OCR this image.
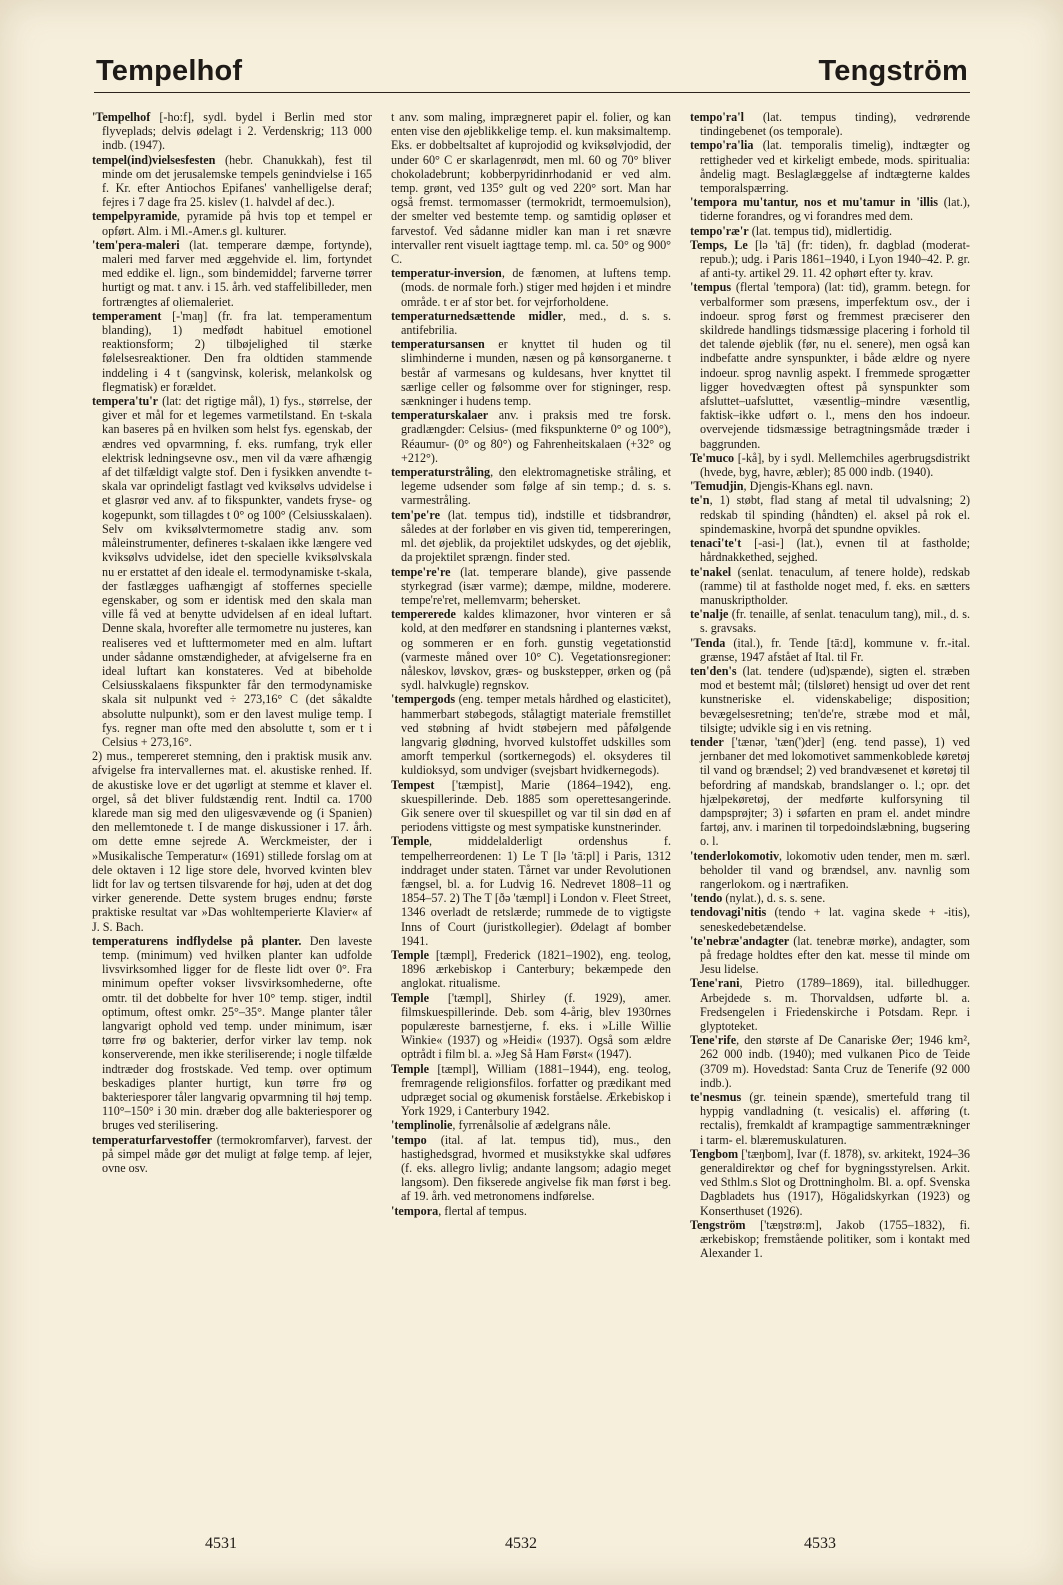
Tempelhof	Tengström

'Tempelhof [-ho:f], sydl. bydel i Berlin med stor flyveplads; delvis ødelagt i 2. Verdenskrig; 113 000 indb. (1947).

tempel(ind)vielsesfesten (hebr. Chanukkah), fest til minde om det jerusalemske tempels genindvielse i 165 f. Kr. efter Antiochos Epifanes' vanhelligelse deraf; fejres i 7 dage fra 25. kislev (1. halvdel af dec.).

tempelpyramide, pyramide på hvis top et tempel er opført. Alm. i Ml.-Amer.s gl. kulturer.

'tem'pera-maleri (lat. temperare dæmpe, fortynde), maleri med farver med æggehvide el. lim, fortyndet med eddike el. lign., som bindemiddel; farverne tørrer hurtigt og mat. t anv. i 15. årh. ved staffelibilleder, men fortrængtes af oliemaleriet.

temperament [-'maŋ] (fr. fra lat. temperamentum blanding), 1) medfødt habituel emotionel reaktionsform; 2) tilbøjelighed til stærke følelsesreaktioner. Den fra oldtiden stammende inddeling i 4 t (sangvinsk, kolerisk, melankolsk og flegmatisk) er forældet.

tempera'tu'r (lat: det rigtige mål), 1) fys., størrelse, der giver et mål for et legemes varmetilstand. En t-skala kan baseres på en hvilken som helst fys. egenskab, der ændres ved opvarmning, f. eks. rumfang, tryk eller elektrisk ledningsevne osv., men vil da være afhængig af det tilfældigt valgte stof. Den i fysikken anvendte t-skala var oprindeligt fastlagt ved kviksølvs udvidelse i et glasrør ved anv. af to fikspunkter, vandets fryse- og kogepunkt, som tillagdes t 0° og 100° (Celsiusskalaen). Selv om kviksølvtermometre stadig anv. som måleinstrumenter, defineres t-skalaen ikke længere ved kviksølvs udvidelse, idet den specielle kviksølvskala nu er erstattet af den ideale el. termodynamiske t-skala, der fastlægges uafhængigt af stoffernes specielle egenskaber, og som er identisk med den skala man ville få ved at benytte udvidelsen af en ideal luftart. Denne skala, hvorefter alle termometre nu justeres, kan realiseres ved et lufttermometer med en alm. luftart under sådanne omstændigheder, at afvigelserne fra en ideal luftart kan konstateres. Ved at bibeholde Celsiusskalaens fikspunkter får den termodynamiske skala sit nulpunkt ved ÷ 273,16° C (det såkaldte absolutte nulpunkt), som er den lavest mulige temp. I fys. regner man ofte med den absolutte t, som er t i Celsius + 273,16°.

2) mus., tempereret stemning, den i praktisk musik anv. afvigelse fra intervallernes mat. el. akustiske renhed. If. de akustiske love er det ugørligt at stemme et klaver el. orgel, så det bliver fuldstændig rent. Indtil ca. 1700 klarede man sig med den uligesvævende og (i Spanien) den mellemtonede t. I de mange diskussioner i 17. årh. om dette emne sejrede A. Werckmeister, der i »Musikalische Temperatur« (1691) stillede forslag om at dele oktaven i 12 lige store dele, hvorved kvinten blev lidt for lav og tertsen tilsvarende for høj, uden at det dog virker generende. Dette system bruges endnu; første praktiske resultat var »Das wohltemperierte Klavier« af J. S. Bach.

temperaturens indflydelse på planter. Den laveste temp. (minimum) ved hvilken planter kan udfolde livsvirksomhed ligger for de fleste lidt over 0°. Fra minimum opefter vokser livsvirksomhederne, ofte omtr. til det dobbelte for hver 10° temp. stiger, indtil optimum, oftest omkr. 25°–35°. Mange planter tåler langvarigt ophold ved temp. under minimum, især tørre frø og bakterier, derfor virker lav temp. nok konserverende, men ikke steriliserende; i nogle tilfælde indtræder dog frostskade. Ved temp. over optimum beskadiges planter hurtigt, kun tørre frø og bakteriesporer tåler langvarig opvarmning til høj temp. 110°–150° i 30 min. dræber dog alle bakteriesporer og bruges ved sterilisering.

temperaturfarvestoffer (termokromfarver), farvest. der på simpel måde gør det muligt at følge temp. af lejer, ovne osv.

t anv. som maling, imprægneret papir el. folier, og kan enten vise den øjeblikkelige temp. el. kun maksimaltemp. Eks. er dobbeltsaltet af kuprojodid og kviksølvjodid, der under 60° C er skarlagenrødt, men ml. 60 og 70° bliver chokoladebrunt; kobberpyridinrhodanid er ved alm. temp. grønt, ved 135° gult og ved 220° sort. Man har også fremst. termomasser (termokridt, termoemulsion), der smelter ved bestemte temp. og samtidig opløser et farvestof. Ved sådanne midler kan man i ret snævre intervaller rent visuelt iagttage temp. ml. ca. 50° og 900° C.

temperatur-inversion, de fænomen, at luftens temp. (mods. de normale forh.) stiger med højden i et mindre område. t er af stor bet. for vejrforholdene.

temperaturnedsættende midler, med., d. s. s. antifebrilia.

temperatursansen er knyttet til huden og til slimhinderne i munden, næsen og på kønsorganerne. t består af varmesans og kuldesans, hver knyttet til særlige celler og følsomme over for stigninger, resp. sænkninger i hudens temp.

temperaturskalaer anv. i praksis med tre forsk. gradlængder: Celsius- (med fikspunkterne 0° og 100°), Réaumur- (0° og 80°) og Fahrenheitskalaen (+32° og +212°).

temperaturstråling, den elektromagnetiske stråling, et legeme udsender som følge af sin temp.; d. s. s. varmestråling.

tem'pe're (lat. tempus tid), indstille et tidsbrandrør, således at der forløber en vis given tid, tempereringen, ml. det øjeblik, da projektilet udskydes, og det øjeblik, da projektilet sprængn. finder sted.

tempe're're (lat. temperare blande), give passende styrkegrad (især varme); dæmpe, mildne, moderere. tempe're'ret, mellemvarm; behersket.

tempererede kaldes klimazoner, hvor vinteren er så kold, at den medfører en standsning i planternes vækst, og sommeren er en forh. gunstig vegetationstid (varmeste måned over 10° C). Vegetationsregioner: nåleskov, løvskov, græs- og buskstepper, ørken og (på sydl. halvkugle) regnskov.

'tempergods (eng. temper metals hårdhed og elasticitet), hammerbart støbegods, stålagtigt materiale fremstillet ved støbning af hvidt støbejern med påfølgende langvarig glødning, hvorved kulstoffet udskilles som amorft temperkul (sortkernegods) el. oksyderes til kuldioksyd, som undviger (svejsbart hvidkernegods).

Tempest ['tæmpist], Marie (1864–1942), eng. skuespillerinde. Deb. 1885 som operettesangerinde. Gik senere over til skuespillet og var til sin død en af periodens vittigste og mest sympatiske kunstnerinder.

Temple, middelalderligt ordenshus f. tempelherreordenen: 1) Le T [lə 'tā:pl] i Paris, 1312 inddraget under staten. Tårnet var under Revolutionen fængsel, bl. a. for Ludvig 16. Nedrevet 1808–11 og 1854–57. 2) The T [ðə 'tæmpl] i London v. Fleet Street, 1346 overladt de retslærde; rummede de to vigtigste Inns of Court (juristkollegier). Ødelagt af bomber 1941.

Temple [tæmpl], Frederick (1821–1902), eng. teolog, 1896 ærkebiskop i Canterbury; bekæmpede den anglokat. ritualisme.

Temple ['tæmpl], Shirley (f. 1929), amer. filmskuespillerinde. Deb. som 4-årig, blev 1930rnes populæreste barnestjerne, f. eks. i »Lille Willie Winkie« (1937) og »Heidi« (1937). Også som ældre optrådt i film bl. a. »Jeg Så Ham Først« (1947).

Temple [tæmpl], William (1881–1944), eng. teolog, fremragende religionsfilos. forfatter og prædikant med udpræget social og økumenisk forståelse. Ærkebiskop i York 1929, i Canterbury 1942.

'templinolie, fyrrenålsolie af ædelgrans nåle.

'tempo (ital. af lat. tempus tid), mus., den hastighedsgrad, hvormed et musikstykke skal udføres (f. eks. allegro livlig; andante langsom; adagio meget langsom). Den fikserede angivelse fik man først i beg. af 19. årh. ved metronomens indførelse.

'tempora, flertal af tempus.

tempo'ra'l (lat. tempus tinding), vedrørende tindingebenet (os temporale).

tempo'ra'lia (lat. temporalis timelig), indtægter og rettigheder ved et kirkeligt embede, mods. spiritualia: åndelig magt. Beslaglæggelse af indtægterne kaldes temporalspærring.

'tempora mu'tantur, nos et mu'tamur in 'illis (lat.), tiderne forandres, og vi forandres med dem.

tempo'ræ'r (lat. tempus tid), midlertidig.

Temps, Le [lə 'tā] (fr: tiden), fr. dagblad (moderat-repub.); udg. i Paris 1861–1940, i Lyon 1940–42. P. gr. af anti-ty. artikel 29. 11. 42 ophørt efter ty. krav.

'tempus (flertal 'tempora) (lat: tid), gramm. betegn. for verbalformer som præsens, imperfektum osv., der i indoeur. sprog først og fremmest præciserer den skildrede handlings tidsmæssige placering i forhold til det talende øjeblik (før, nu el. senere), men også kan indbefatte andre synspunkter, i både ældre og nyere indoeur. sprog navnlig aspekt. I fremmede sprogætter ligger hovedvægten oftest på synspunkter som afsluttet–uafsluttet, væsentlig–mindre væsentlig, faktisk–ikke udført o. l., mens den hos indoeur. overvejende tidsmæssige betragtningsmåde træder i baggrunden.

Te'muco [-kå], by i sydl. Mellemchiles agerbrugsdistrikt (hvede, byg, havre, æbler); 85 000 indb. (1940).

'Temudjin, Djengis-Khans egl. navn.

te'n, 1) støbt, flad stang af metal til udvalsning; 2) redskab til spinding (håndten) el. aksel på rok el. spindemaskine, hvorpå det spundne opvikles.

tenaci'te't [-asi-] (lat.), evnen til at fastholde; hårdnakkethed, sejghed.

te'nakel (senlat. tenaculum, af tenere holde), redskab (ramme) til at fastholde noget med, f. eks. en sætters manuskriptholder.

te'nalje (fr. tenaille, af senlat. tenaculum tang), mil., d. s. s. gravsaks.

'Tenda (ital.), fr. Tende [tā:d], kommune v. fr.-ital. grænse, 1947 afstået af Ital. til Fr.

ten'den's (lat. tendere (ud)spænde), sigten el. stræben mod et bestemt mål; (tilsløret) hensigt ud over det rent kunstneriske el. videnskabelige; disposition; bevægelsesretning; ten'de're, stræbe mod et mål, tilsigte; udvikle sig i en vis retning.

tender ['tænər, 'tæn(')der] (eng. tend passe), 1) ved jernbaner det med lokomotivet sammenkoblede køretøj til vand og brændsel; 2) ved brandvæsenet et køretøj til befordring af mandskab, brandslanger o. l.; opr. det hjælpekøretøj, der medførte kulforsyning til dampsprøjter; 3) i søfarten en pram el. andet mindre fartøj, anv. i marinen til torpedoindslæbning, bugsering o. l.

'tenderlokomotiv, lokomotiv uden tender, men m. særl. beholder til vand og brændsel, anv. navnlig som rangerlokom. og i nærtrafiken.

'tendo (nylat.), d. s. s. sene.

tendovagi'nitis (tendo + lat. vagina skede + -itis), seneskedebetændelse.

'te'nebræ'andagter (lat. tenebræ mørke), andagter, som på fredage holdtes efter den kat. messe til minde om Jesu lidelse.

Tene'rani, Pietro (1789–1869), ital. billedhugger. Arbejdede s. m. Thorvaldsen, udførte bl. a. Fredsengelen i Friedenskirche i Potsdam. Repr. i glyptoteket.

Tene'rife, den største af De Canariske Øer; 1946 km², 262 000 indb. (1940); med vulkanen Pico de Teide (3709 m). Hovedstad: Santa Cruz de Tenerife (92 000 indb.).

te'nesmus (gr. teinein spænde), smertefuld trang til hyppig vandladning (t. vesicalis) el. afføring (t. rectalis), fremkaldt af krampagtige sammentrækninger i tarm- el. blæremuskulaturen.

Tengbom ['tæŋbom], Ivar (f. 1878), sv. arkitekt, 1924–36 generaldirektør og chef for bygningsstyrelsen. Arkit. ved Sthlm.s Slot og Drottningholm. Bl. a. opf. Svenska Dagbladets hus (1917), Högalidskyrkan (1923) og Konserthuset (1926).

Tengström ['tæŋstrø:m], Jakob (1755–1832), fi. ærkebiskop; fremstående politiker, som i kontakt med Alexander 1.

4531	4532	4533
